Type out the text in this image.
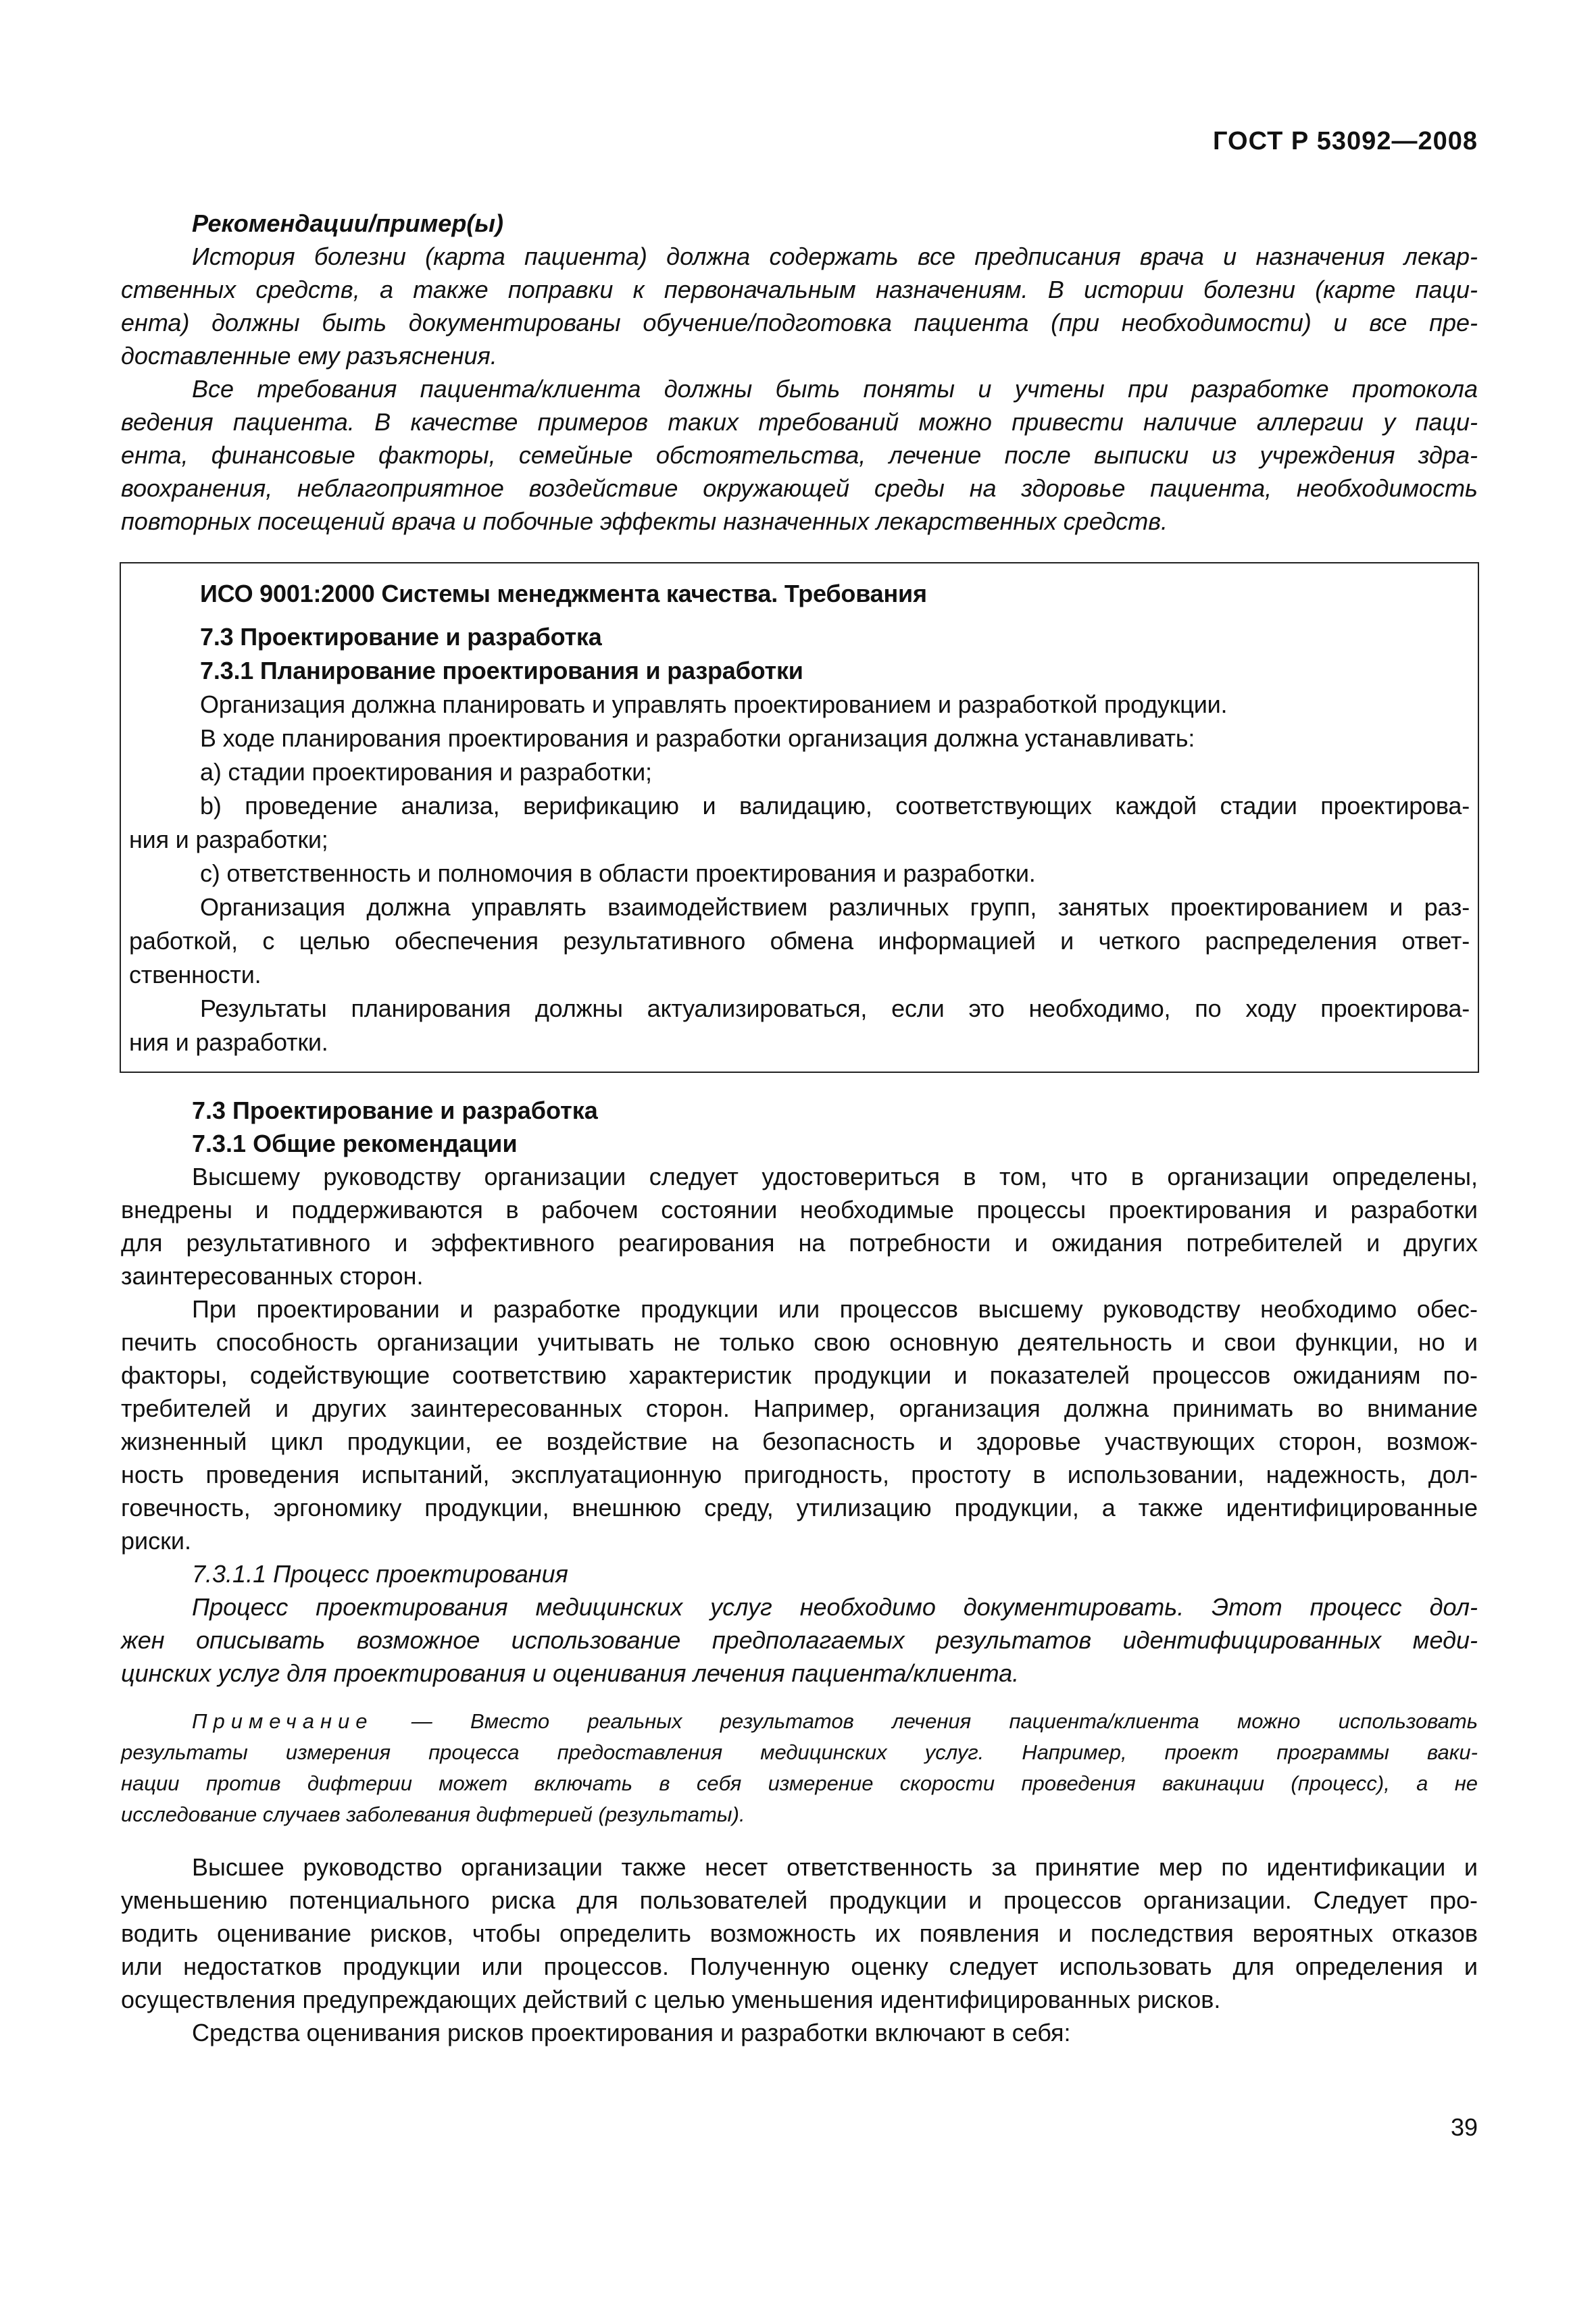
ГОСТ Р 53092—2008
Рекомендации/пример(ы)
История болезни (карта пациента) должна содержать все предписания врача и назначения лекар-
ственных средств, а также поправки к первоначальным назначениям. В истории болезни (карте паци-
ента) должны быть документированы обучение/подготовка пациента (при необходимости) и все пре-
доставленные ему разъяснения.
Все требования пациента/клиента должны быть поняты и учтены при разработке протокола
ведения пациента. В качестве примеров таких требований можно привести наличие аллергии у паци-
ента, финансовые факторы, семейные обстоятельства, лечение после выписки из учреждения здра-
воохранения, неблагоприятное воздействие окружающей среды на здоровье пациента, необходимость
повторных посещений врача и побочные эффекты назначенных лекарственных средств.
ИСО 9001:2000 Системы менеджмента качества. Требования
7.3 Проектирование и разработка
7.3.1 Планирование проектирования и разработки
Организация должна планировать и управлять проектированием и разработкой продукции.
В ходе планирования проектирования и разработки организация должна устанавливать:
а) стадии проектирования и разработки;
b) проведение анализа, верификацию и валидацию, соответствующих каждой стадии проектирова-
ния и разработки;
с) ответственность и полномочия в области проектирования и разработки.
Организация должна управлять взаимодействием различных групп, занятых проектированием и раз-
работкой, с целью обеспечения результативного обмена информацией и четкого распределения ответ-
ственности.
Результаты планирования должны актуализироваться, если это необходимо, по ходу проектирова-
ния и разработки.
7.3 Проектирование и разработка
7.3.1 Общие рекомендации
Высшему руководству организации следует удостовериться в том, что в организации определены,
внедрены и поддерживаются в рабочем состоянии необходимые процессы проектирования и разработки
для результативного и эффективного реагирования на потребности и ожидания потребителей и других
заинтересованных сторон.
При проектировании и разработке продукции или процессов высшему руководству необходимо обес-
печить способность организации учитывать не только свою основную деятельность и свои функции, но и
факторы, содействующие соответствию характеристик продукции и показателей процессов ожиданиям по-
требителей и других заинтересованных сторон. Например, организация должна принимать во внимание
жизненный цикл продукции, ее воздействие на безопасность и здоровье участвующих сторон, возмож-
ность проведения испытаний, эксплуатационную пригодность, простоту в использовании, надежность, дол-
говечность, эргономику продукции, внешнюю среду, утилизацию продукции, а также идентифицированные
риски.
7.3.1.1 Процесс проектирования
Процесс проектирования медицинских услуг необходимо документировать. Этот процесс дол-
жен описывать возможное использование предполагаемых результатов идентифицированных меди-
цинских услуг для проектирования и оценивания лечения пациента/клиента.
Примечание — Вместо реальных результатов лечения пациента/клиента можно использовать
результаты измерения процесса предоставления медицинских услуг. Например, проект программы ваки-
нации против дифтерии может включать в себя измерение скорости проведения вакинации (процесс), а не
исследование случаев заболевания дифтерией (результаты).
Высшее руководство организации также несет ответственность за принятие мер по идентификации и
уменьшению потенциального риска для пользователей продукции и процессов организации. Следует про-
водить оценивание рисков, чтобы определить возможность их появления и последствия вероятных отказов
или недостатков продукции или процессов. Полученную оценку следует использовать для определения и
осуществления предупреждающих действий с целью уменьшения идентифицированных рисков.
Средства оценивания рисков проектирования и разработки включают в себя:
39
